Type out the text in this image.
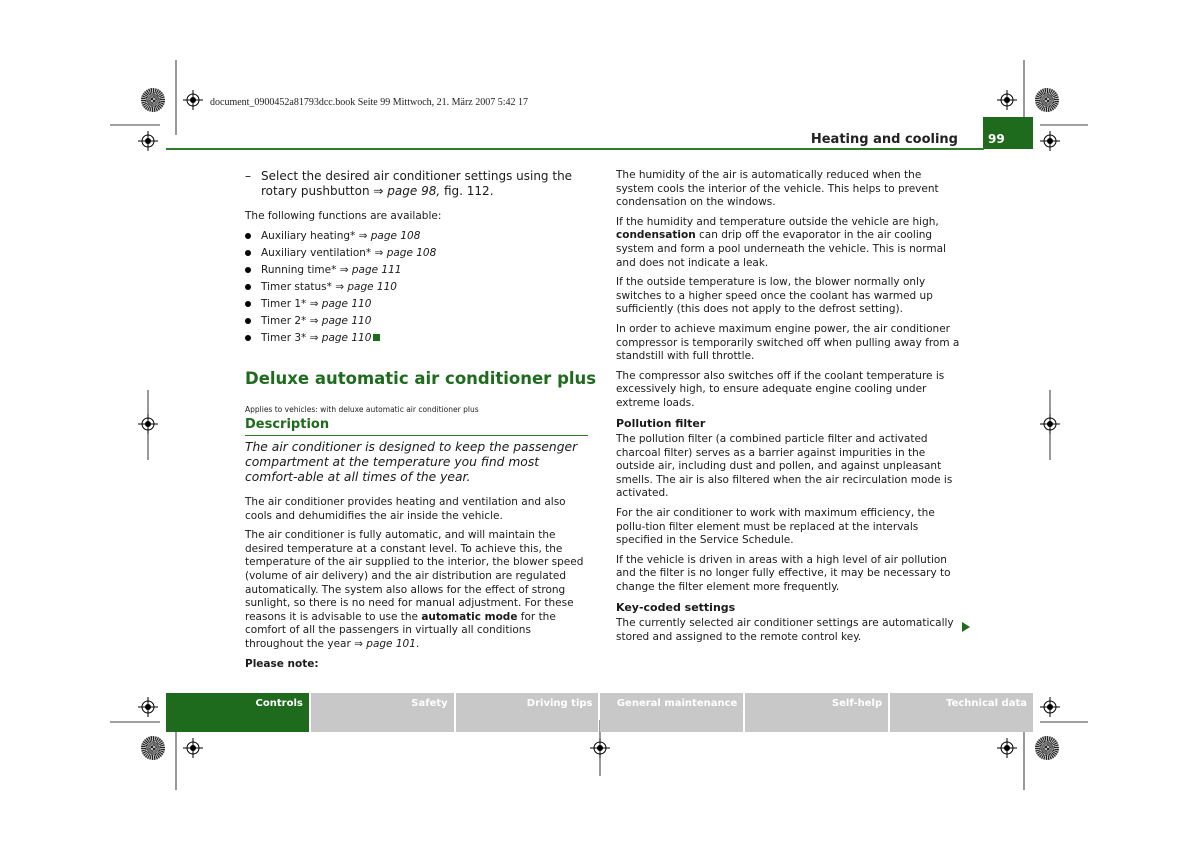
document_0900452a81793dcc.book Seite 99 Mittwoch, 21. März 2007 5:42 17
Heating and cooling	99
– Select the desired air conditioner settings using the rotary pushbutton ⇒ page 98, fig. 112.
The following functions are available:
Auxiliary heating* ⇒ page 108
Auxiliary ventilation* ⇒ page 108
Running time* ⇒ page 111
Timer status* ⇒ page 110
Timer 1* ⇒ page 110
Timer 2* ⇒ page 110
Timer 3* ⇒ page 110
Deluxe automatic air conditioner plus
Applies to vehicles: with deluxe automatic air conditioner plus
Description
The air conditioner is designed to keep the passenger compartment at the temperature you find most comfort-able at all times of the year.

The air conditioner provides heating and ventilation and also cools and dehumidifies the air inside the vehicle.

The air conditioner is fully automatic, and will maintain the desired temperature at a constant level. To achieve this, the temperature of the air supplied to the interior, the blower speed (volume of air delivery) and the air distribution are regulated automatically. The system also allows for the effect of strong sunlight, so there is no need for manual adjustment. For these reasons it is advisable to use the automatic mode for the comfort of all the passengers in virtually all conditions throughout the year ⇒ page 101.

Please note:

The humidity of the air is automatically reduced when the system cools the interior of the vehicle. This helps to prevent condensation on the windows.

If the humidity and temperature outside the vehicle are high, condensation can drip off the evaporator in the air cooling system and form a pool underneath the vehicle. This is normal and does not indicate a leak.

If the outside temperature is low, the blower normally only switches to a higher speed once the coolant has warmed up sufficiently (this does not apply to the defrost setting).

In order to achieve maximum engine power, the air conditioner compressor is temporarily switched off when pulling away from a standstill with full throttle.

The compressor also switches off if the coolant temperature is excessively high, to ensure adequate engine cooling under extreme loads.

Pollution filter

The pollution filter (a combined particle filter and activated charcoal filter) serves as a barrier against impurities in the outside air, including dust and pollen, and against unpleasant smells. The air is also filtered when the air recirculation mode is activated.

For the air conditioner to work with maximum efficiency, the pollu-tion filter element must be replaced at the intervals specified in the Service Schedule.

If the vehicle is driven in areas with a high level of air pollution and the filter is no longer fully effective, it may be necessary to change the filter element more frequently.

Key-coded settings

The currently selected air conditioner settings are automatically stored and assigned to the remote control key.

Controls	Safety	Driving tips	General maintenance	Self-help	Technical data
